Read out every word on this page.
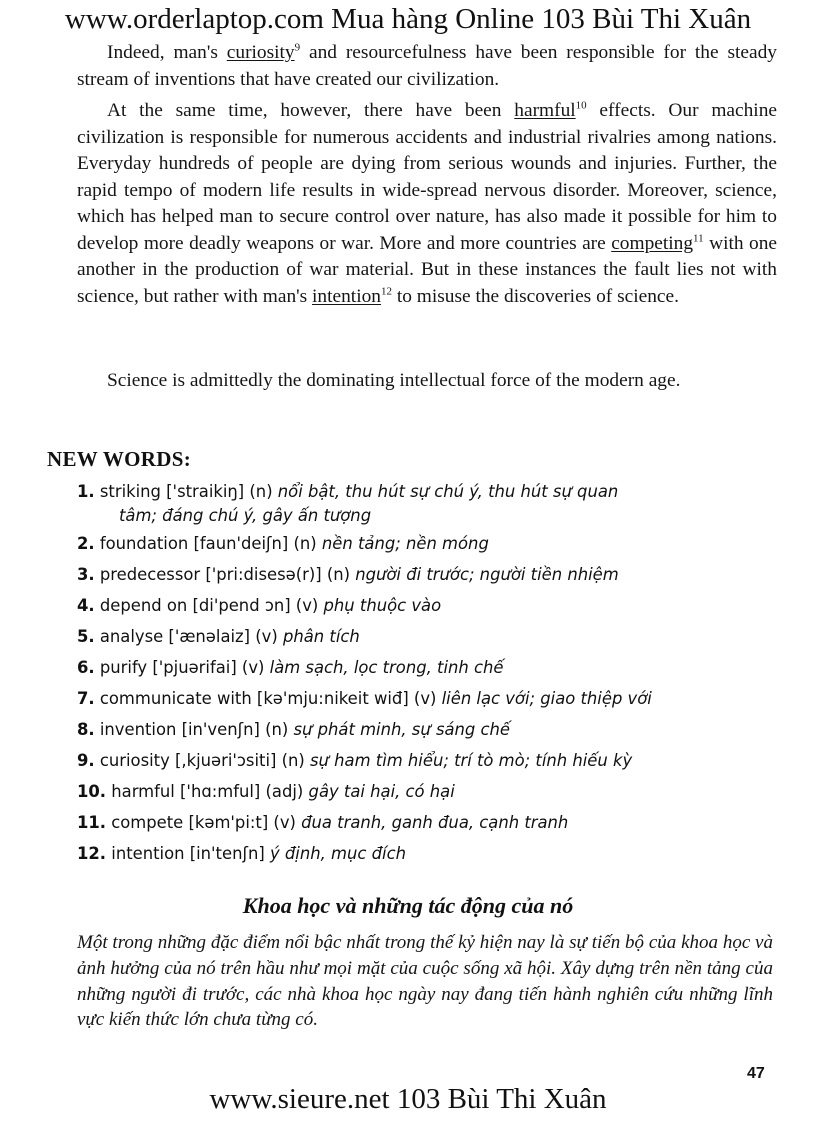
www.orderlaptop.com Mua hàng Online 103 Bùi Thi Xuân

Indeed, man's curiosity$^9$ and resourcefulness have been responsible for the steady stream of inventions that have created our civilization.

At the same time, however, there have been harmful$^{10}$ effects. Our machine civilization is responsible for numerous accidents and industrial rivalries among nations. Everyday hundreds of people are dying from serious wounds and injuries. Further, the rapid tempo of modern life results in wide-spread nervous disorder. Moreover, science, which has helped man to secure control over nature, has also made it possible for him to develop more deadly weapons or war. More and more countries are competing$^{11}$ with one another in the production of war material. But in these instances the fault lies not with science, but rather with man's intention$^{12}$ to misuse the discoveries of science.

Science is admittedly the dominating intellectual force of the modern age.

NEW WORDS:
1. striking ['straikiŋ] (n) nổi bật, thu hút sự chú ý, thu hút sự quan
tâm; đáng chú ý, gây ấn tượng
2. foundation [faun'deiʃn] (n) nền tảng; nền móng
3. predecessor ['pri:disesə(r)] (n) người đi trước; người tiền nhiệm
4. depend on [di'pend ɔn] (v) phụ thuộc vào
5. analyse ['ænəlaiz] (v) phân tích
6. purify ['pjuərifai] (v) làm sạch, lọc trong, tinh chế
7. communicate with [kə'mju:nikeit wiđ] (v) liên lạc với; giao thiệp với
8. invention [in'venʃn] (n) sự phát minh, sự sáng chế
9. curiosity [,kjuəri'ɔsiti] (n) sự ham tìm hiểu; trí tò mò; tính hiếu kỳ
10. harmful ['hɑ:mful] (adj) gây tai hại, có hại
11. compete [kəm'pi:t] (v) đua tranh, ganh đua, cạnh tranh
12. intention [in'tenʃn] ý định, mục đích
Khoa học và những tác động của nó
Một trong những đặc điểm nổi bậc nhất trong thế kỷ hiện nay là sự tiến bộ của khoa học và ảnh hưởng của nó trên hầu như mọi mặt của cuộc sống xã hội. Xây dựng trên nền tảng của những người đi trước, các nhà khoa học ngày nay đang tiến hành nghiên cứu những lĩnh vực kiến thức lớn chưa từng có.
47
www.sieure.net 103 Bùi Thi Xuân
